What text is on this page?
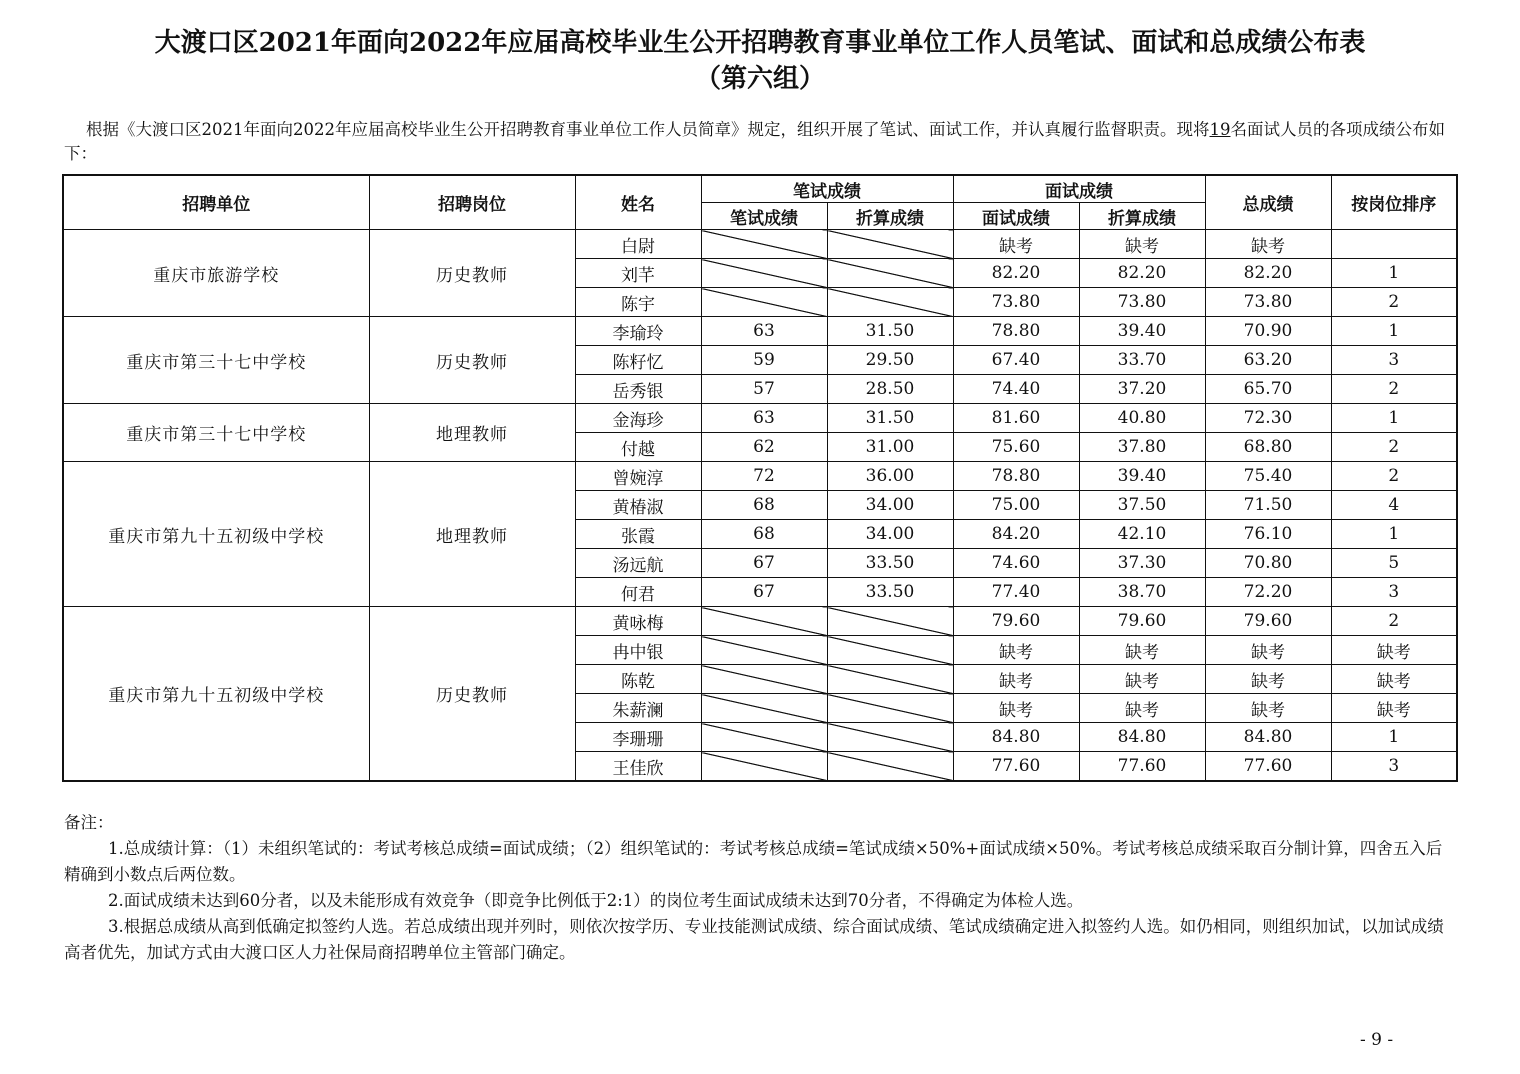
大渡口区2021年面向2022年应届高校毕业生公开招聘教育事业单位工作人员笔试、面试和总成绩公布表
（第六组）
根据《大渡口区2021年面向2022年应届高校毕业生公开招聘教育事业单位工作人员简章》规定，组织开展了笔试、面试工作，并认真履行监督职责。现将19名面试人员的各项成绩公布如下：
招聘单位	招聘岗位	姓名	笔试成绩		面试成绩		总成绩	按岗位排序
			笔试成绩	折算成绩	面试成绩	折算成绩		
重庆市旅游学校	历史教师	白尉			缺考	缺考	缺考	
		刘芊			82.20	82.20	82.20	1
		陈宇			73.80	73.80	73.80	2
重庆市第三十七中学校	历史教师	李瑜玲	63	31.50	78.80	39.40	70.90	1
		陈籽忆	59	29.50	67.40	33.70	63.20	3
		岳秀银	57	28.50	74.40	37.20	65.70	2
重庆市第三十七中学校	地理教师	金海珍	63	31.50	81.60	40.80	72.30	1
		付越	62	31.00	75.60	37.80	68.80	2
重庆市第九十五初级中学校	地理教师	曾婉淳	72	36.00	78.80	39.40	75.40	2
		黄椿淑	68	34.00	75.00	37.50	71.50	4
		张霞	68	34.00	84.20	42.10	76.10	1
		汤远航	67	33.50	74.60	37.30	70.80	5
		何君	67	33.50	77.40	38.70	72.20	3
重庆市第九十五初级中学校	历史教师	黄咏梅			79.60	79.60	79.60	2
		冉中银			缺考	缺考	缺考	缺考
		陈乾			缺考	缺考	缺考	缺考
		朱薪澜			缺考	缺考	缺考	缺考
		李珊珊			84.80	84.80	84.80	1
		王佳欣			77.60	77.60	77.60	3

备注：

1.总成绩计算：（1）未组织笔试的：考试考核总成绩=面试成绩；（2）组织笔试的：考试考核总成绩=笔试成绩×50%+面试成绩×50%。考试考核总成绩采取百分制计算，四舍五入后精确到小数点后两位数。

2.面试成绩未达到60分者，以及未能形成有效竞争（即竞争比例低于2:1）的岗位考生面试成绩未达到70分者，不得确定为体检人选。

3.根据总成绩从高到低确定拟签约人选。若总成绩出现并列时，则依次按学历、专业技能测试成绩、综合面试成绩、笔试成绩确定进入拟签约人选。如仍相同，则组织加试，以加试成绩高者优先，加试方式由大渡口区人力社保局商招聘单位主管部门确定。

- 9 -
